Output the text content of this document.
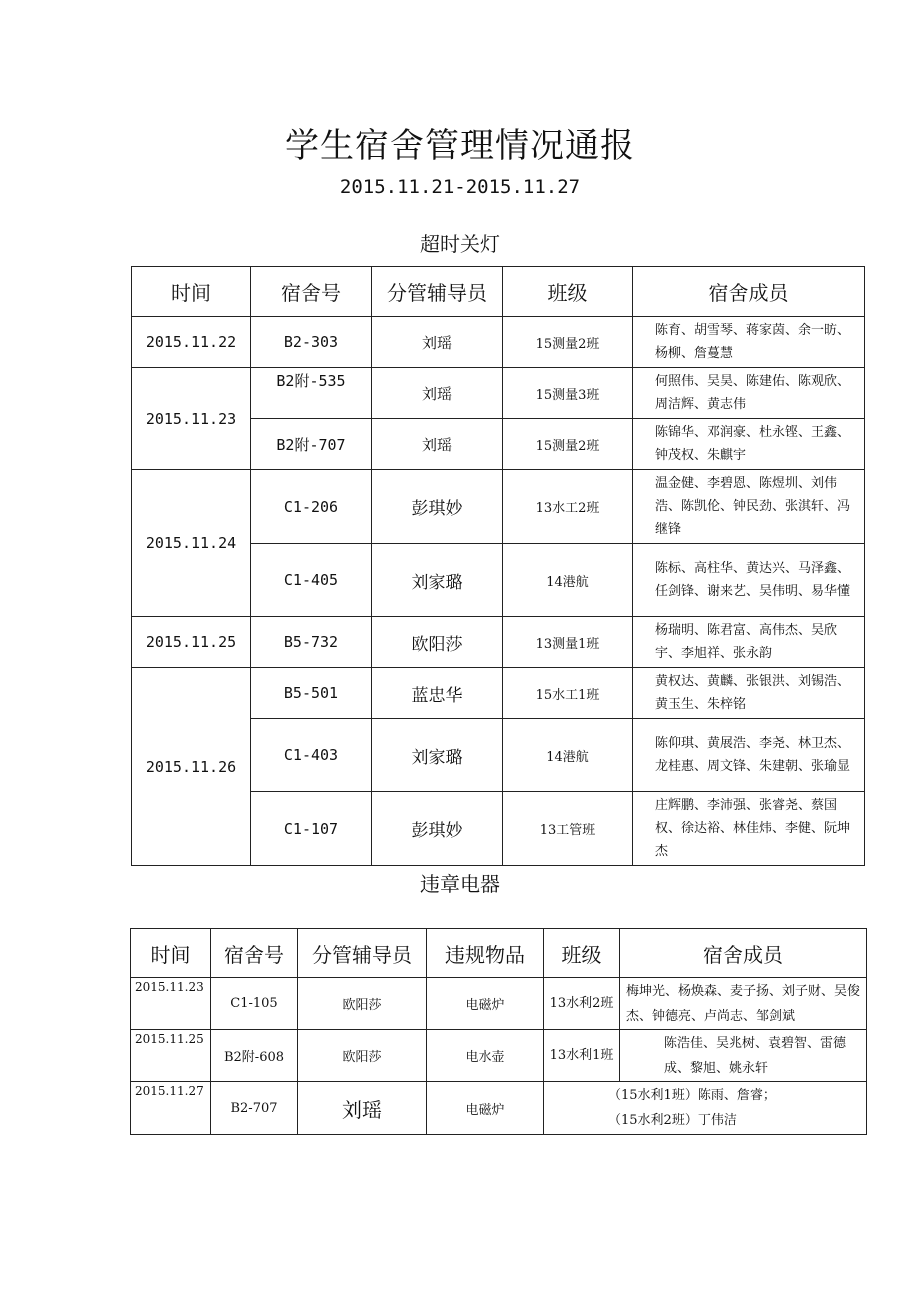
学生宿舍管理情况通报
2015.11.21-2015.11.27
超时关灯
时间	宿舍号	分管辅导员	班级	宿舍成员
2015.11.22	B2-303	刘瑶	15测量2班	陈育、胡雪琴、蒋家茵、余一昉、杨柳、詹蔓慧
2015.11.23	B2附-535	刘瑶	15测量3班	何照伟、吴昊、陈建佑、陈观欣、周洁辉、黄志伟
	B2附-707	刘瑶	15测量2班	陈锦华、邓润豪、杜永铿、王鑫、钟茂权、朱麒宇
2015.11.24	C1-206	彭琪妙	13水工2班	温金健、李碧恩、陈煜圳、刘伟浩、陈凯伦、钟民劲、张淇轩、冯继锋
	C1-405	刘家璐	14港航	陈标、高柱华、黄达兴、马泽鑫、任剑锋、谢来艺、吴伟明、易华懂
2015.11.25	B5-732	欧阳莎	13测量1班	杨瑞明、陈君富、高伟杰、吴欣宇、李旭祥、张永韵
2015.11.26	B5-501	蓝忠华	15水工1班	黄权达、黄麟、张银洪、刘锡浩、黄玉生、朱梓铭
	C1-403	刘家璐	14港航	陈仰琪、黄展浩、李尧、林卫杰、龙桂惠、周文锋、朱建朝、张瑜显
	C1-107	彭琪妙	13工管班	庄辉鹏、李沛强、张睿尧、蔡国权、徐达裕、林佳炜、李健、阮坤杰
违章电器
时间	宿舍号	分管辅导员	违规物品	班级	宿舍成员
2015.11.23	C1-105	欧阳莎	电磁炉	13水利2班	梅坤光、杨焕森、麦子扬、刘子财、吴俊杰、钟德亮、卢尚志、邹剑斌
2015.11.25	B2附-608	欧阳莎	电水壶	13水利1班	陈浩佳、吴兆树、袁碧智、雷德成、黎旭、姚永轩
2015.11.27	B2-707	刘瑶	电磁炉	（15水利1班）陈雨、詹睿；
（15水利2班）丁伟洁	
